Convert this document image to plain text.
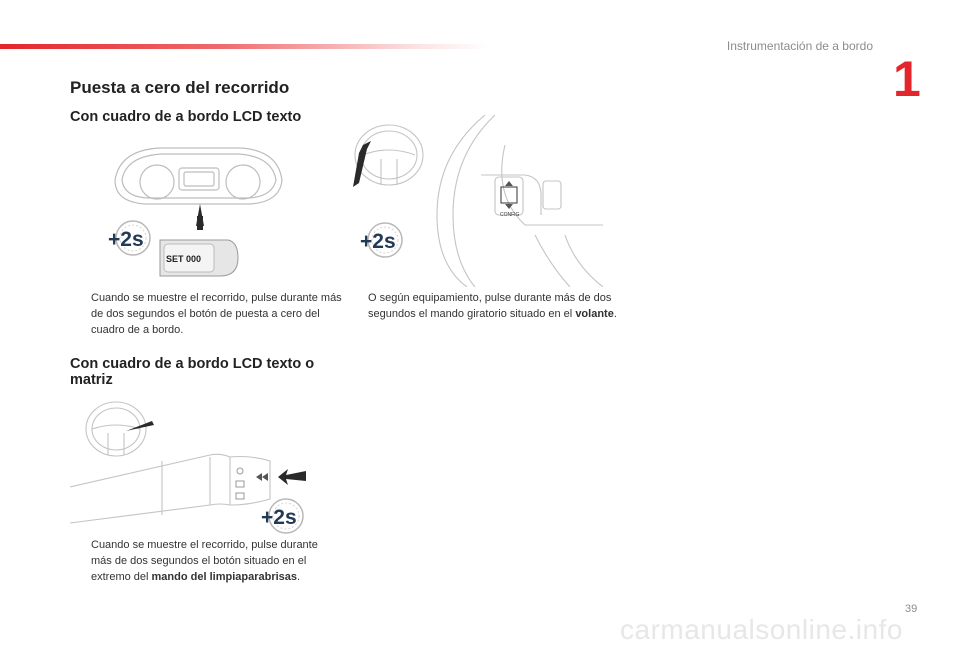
Instrumentación de a bordo
1
Puesta a cero del recorrido
Con cuadro de a bordo LCD texto
SET 000
+2s
CONFIG
+2s
Cuando se muestre el recorrido, pulse durante más de dos segundos el botón de puesta a cero del cuadro de a bordo.
O según equipamiento, pulse durante más de dos segundos el mando giratorio situado en el volante.
Con cuadro de a bordo LCD texto o matriz
+2s
Cuando se muestre el recorrido, pulse durante más de dos segundos el botón situado en el extremo del mando del limpiaparabrisas.
39
carmanualsonline.info
